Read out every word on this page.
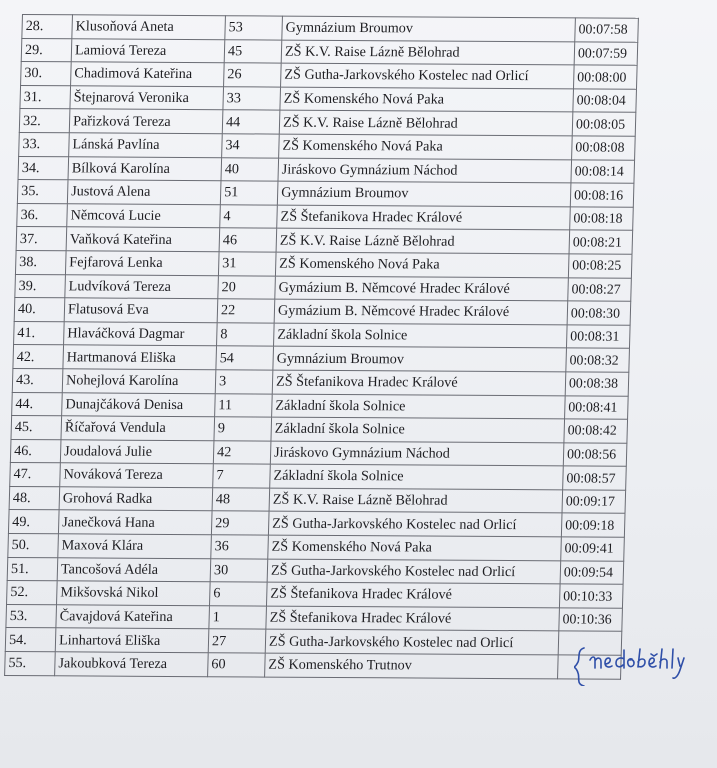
28.	Klusoňová Aneta	53	Gymnázium Broumov	00:07:58
29.	Lamiová Tereza	45	ZŠ K.V. Raise Lázně Bělohrad	00:07:59
30.	Chadimová Kateřina	26	ZŠ Gutha-Jarkovského Kostelec nad Orlicí	00:08:00
31.	Štejnarová Veronika	33	ZŠ Komenského Nová Paka	00:08:04
32.	Pařizková Tereza	44	ZŠ K.V. Raise Lázně Bělohrad	00:08:05
33.	Lánská Pavlína	34	ZŠ Komenského Nová Paka	00:08:08
34.	Bílková Karolína	40	Jiráskovo Gymnázium Náchod	00:08:14
35.	Justová Alena	51	Gymnázium Broumov	00:08:16
36.	Němcová Lucie	4	ZŠ Štefanikova Hradec Králové	00:08:18
37.	Vaňková Kateřina	46	ZŠ K.V. Raise Lázně Bělohrad	00:08:21
38.	Fejfarová Lenka	31	ZŠ Komenského Nová Paka	00:08:25
39.	Ludvíková Tereza	20	Gymázium B. Němcové Hradec Králové	00:08:27
40.	Flatusová Eva	22	Gymázium B. Němcové Hradec Králové	00:08:30
41.	Hlaváčková Dagmar	8	Základní škola Solnice	00:08:31
42.	Hartmanová Eliška	54	Gymnázium Broumov	00:08:32
43.	Nohejlová Karolína	3	ZŠ Štefanikova Hradec Králové	00:08:38
44.	Dunajčáková Denisa	11	Základní škola Solnice	00:08:41
45.	Říčařová Vendula	9	Základní škola Solnice	00:08:42
46.	Joudalová Julie	42	Jiráskovo Gymnázium Náchod	00:08:56
47.	Nováková Tereza	7	Základní škola Solnice	00:08:57
48.	Grohová Radka	48	ZŠ K.V. Raise Lázně Bělohrad	00:09:17
49.	Janečková Hana	29	ZŠ Gutha-Jarkovského Kostelec nad Orlicí	00:09:18
50.	Maxová Klára	36	ZŠ Komenského Nová Paka	00:09:41
51.	Tancošová Adéla	30	ZŠ Gutha-Jarkovského Kostelec nad Orlicí	00:09:54
52.	Mikšovská Nikol	6	ZŠ Štefanikova Hradec Králové	00:10:33
53.	Čavajdová Kateřina	1	ZŠ Štefanikova Hradec Králové	00:10:36
54.	Linhartová Eliška	27	ZŠ Gutha-Jarkovského Kostelec nad Orlicí	
55.	Jakoubková Tereza	60	ZŠ Komenského Trutnov	
